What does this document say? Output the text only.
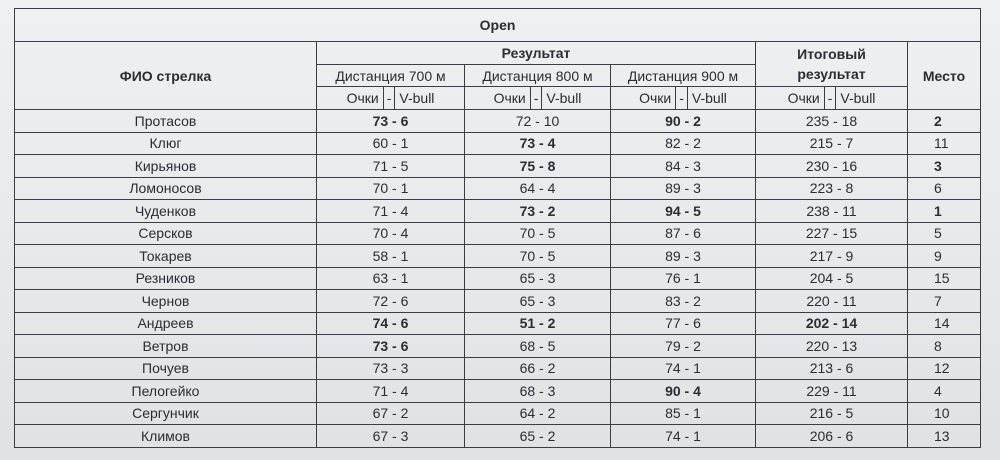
Open					
ФИО стрелка	Результат			Итоговый
результат	Место
	Дистанция 700 м	Дистанция 800 м	Дистанция 900 м		

	Очки - V-bull	Очки - V-bull	Очки - V-bull	Очки - V-bull	

Протасов	73 - 6	72 - 10	90 - 2	235 - 18	2
Клюг	60 - 1	73 - 4	82 - 2	215 - 7	11
Кирьянов	71 - 5	75 - 8	84 - 3	230 - 16	3
Ломоносов	70 - 1	64 - 4	89 - 3	223 - 8	6
Чуденков	71 - 4	73 - 2	94 - 5	238 - 11	1
Серсков	70 - 4	70 - 5	87 - 6	227 - 15	5
Токарев	58 - 1	70 - 5	89 - 3	217 - 9	9
Резников	63 - 1	65 - 3	76 - 1	204 - 5	15
Чернов	72 - 6	65 - 3	83 - 2	220 - 11	7
Андреев	74 - 6	51 - 2	77 - 6	202 - 14	14
Ветров	73 - 6	68 - 5	79 - 2	220 - 13	8
Почуев	73 - 3	66 - 2	74 - 1	213 - 6	12
Пелогейко	71 - 4	68 - 3	90 - 4	229 - 11	4
Сергунчик	67 - 2	64 - 2	85 - 1	216 - 5	10
Климов	67 - 3	65 - 2	74 - 1	206 - 6	13
